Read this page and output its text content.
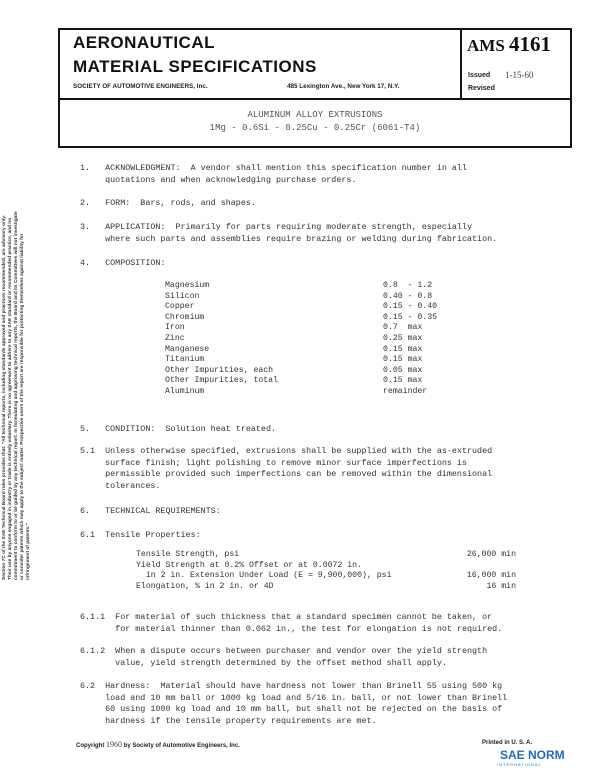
Section 7C of the SAE Technical Board rules provides that: "All technical reports, including standards approved and practices recommended, are advisory only. Their use by anyone engaged in industry or trade is entirely voluntary. There is no agreement to adhere to any SAE standard or recommended practice, and no commitment to conform to or be guided by any technical report. In formulating and approving technical reports, the Board and its Committees will not investigate or consider patents which may apply to the subject matter. Prospective users of the report are responsible for protecting themselves against liability for infringement of patents."
AERONAUTICAL
MATERIAL SPECIFICATIONS
SOCIETY OF AUTOMOTIVE ENGINEERS, Inc.	485 Lexington Ave., New York 17, N.Y.
AMS 4161
Issued 1-15-60
Revised
ALUMINUM ALLOY EXTRUSIONS
1Mg - 0.6Si - 0.25Cu - 0.25Cr (6061-T4)
1.   ACKNOWLEDGMENT:  A vendor shall mention this specification number in all
quotations and when acknowledging purchase orders.
2.   FORM:  Bars, rods, and shapes.
3.   APPLICATION:  Primarily for parts requiring moderate strength, especially
where such parts and assemblies require brazing or welding during fabrication.
4.   COMPOSITION:
Magnesium	0.8  - 1.2
Silicon	0.40 - 0.8
Copper	0.15 - 0.40
Chromium	0.15 - 0.35
Iron	0.7  max
Zinc	0.25 max
Manganese	0.15 max
Titanium	0.15 max
Other Impurities, each	0.05 max
Other Impurities, total	0.15 max
Aluminum	remainder
5.   CONDITION:  Solution heat treated.
5.1  Unless otherwise specified, extrusions shall be supplied with the as-extruded
surface finish; light polishing to remove minor surface imperfections is
permissible provided such imperfections can be removed within the dimensional
tolerances.
6.   TECHNICAL REQUIREMENTS:
6.1  Tensile Properties:
Tensile Strength, psi	26,000 min
Yield Strength at 0.2% Offset or at 0.0072 in.
in 2 in. Extension Under Load (E = 9,900,000), psi	16,000 min
Elongation, % in 2 in. or 4D	16 min
6.1.1  For material of such thickness that a standard specimen cannot be taken, or
for material thinner than 0.062 in., the test for elongation is not required.
6.1.2  When a dispute occurs between purchaser and vendor over the yield strength
value, yield strength determined by the offset method shall apply.
6.2  Hardness:  Material should have hardness not lower than Brinell 55 using 500 kg
load and 10 mm ball or 1000 kg load and 5/16 in. ball, or not lower than Brinell
60 using 1000 kg load and 10 mm ball, but shall not be rejected on the basis of
hardness if the tensile property requirements are met.
Copyright 1960 by Society of Automotive Engineers, Inc.	Printed in U. S. A.
SAE NORM
INTERNATIONAL
